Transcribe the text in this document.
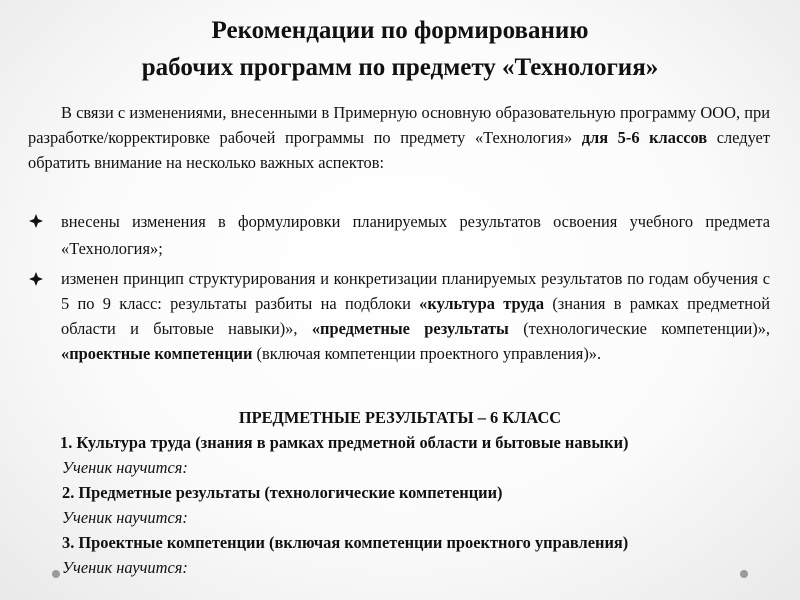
Рекомендации по формированию
рабочих программ по предмету «Технология»
В связи с изменениями, внесенными в Примерную основную образовательную программу ООО, при разработке/корректировке рабочей программы по предмету «Технология» для 5-6 классов следует обратить внимание на несколько важных аспектов:
внесены изменения в формулировки планируемых результатов освоения учебного предмета «Технология»;
изменен принцип структурирования и конкретизации планируемых результатов по годам обучения с 5 по 9 класс: результаты разбиты на подблоки «культура труда (знания в рамках предметной области и бытовые навыки)», «предметные результаты (технологические компетенции)», «проектные компетенции (включая компетенции проектного управления)».
ПРЕДМЕТНЫЕ РЕЗУЛЬТАТЫ – 6 КЛАСС
1. Культура труда (знания в рамках предметной области и бытовые навыки)
Ученик научится:
2. Предметные результаты (технологические компетенции)
Ученик научится:
3. Проектные компетенции (включая компетенции проектного управления)
Ученик научится:
